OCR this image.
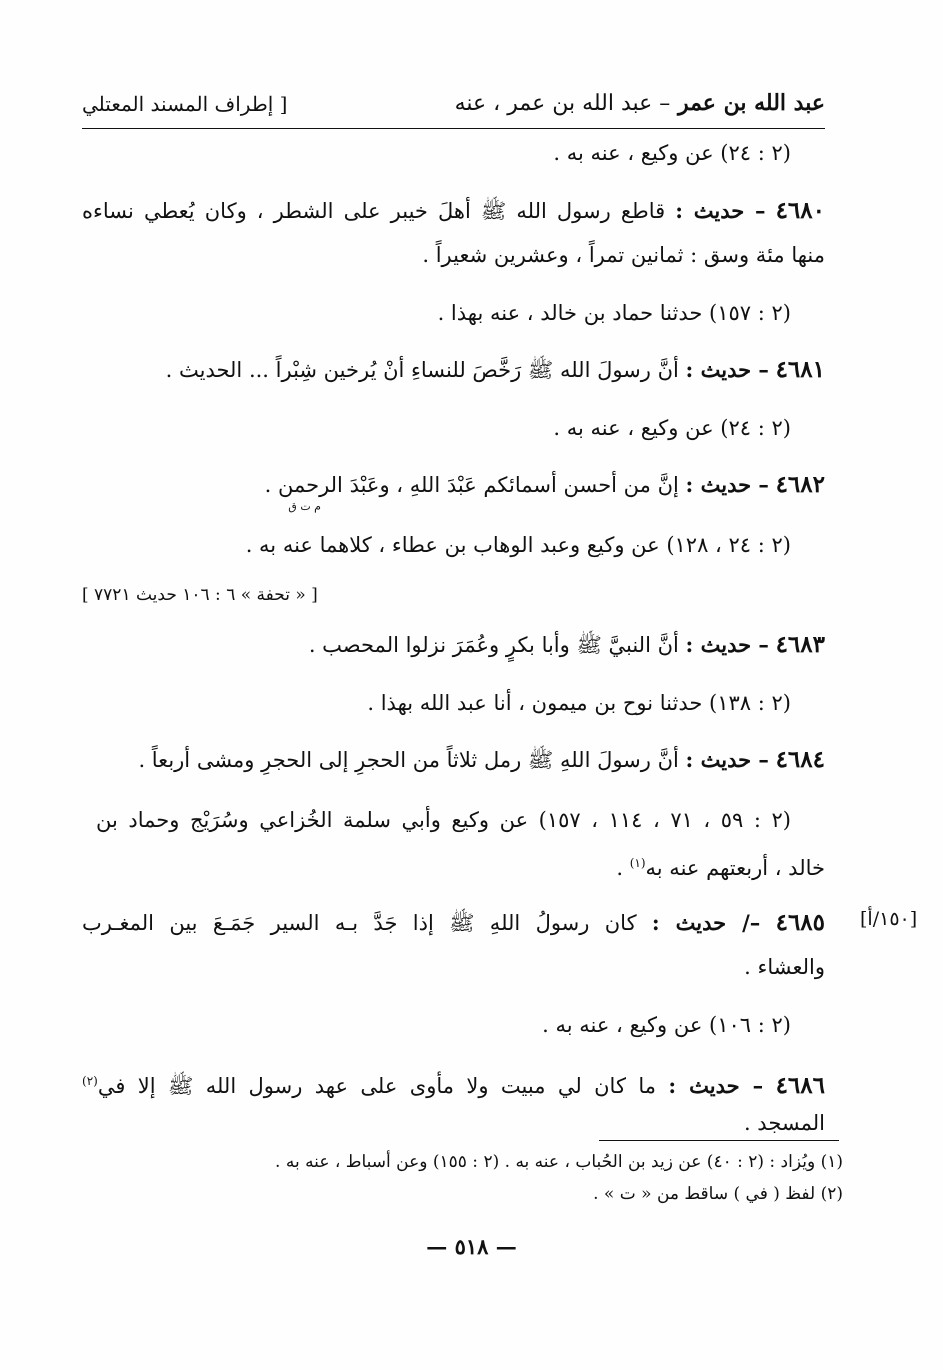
عبد الله بن عمر – عبد الله بن عمر ، عنه
[ إطراف المسند المعتلي
(٢ : ٢٤) عن وكيع ، عنه به .
٤٦٨٠ – حديث : قاطع رسول الله ﷺ أهلَ خيبر على الشطر ، وكان يُعطي نساءه
منها مئة وسق : ثمانين تمراً ، وعشرين شعيراً .
(٢ : ١٥٧) حدثنا حماد بن خالد ، عنه بهذا .
٤٦٨١ – حديث : أنَّ رسولَ الله ﷺ رَخَّصَ للنساءِ أنْ يُرخين شِبْراً ... الحديث .
(٢ : ٢٤) عن وكيع ، عنه به .
٤٦٨٢ – حديث : إنَّ من أحسن أسمائكم عَبْدَ اللهِ ، وعَبْدَ الرحمن .
م ت ق
(٢ : ٢٤ ، ١٢٨) عن وكيع وعبد الوهاب بن عطاء ، كلاهما عنه به .
[ « تحفة » ٦ : ١٠٦ حديث ٧٧٢١ ]
٤٦٨٣ – حديث : أنَّ النبيَّ ﷺ وأبا بكرٍ وعُمَرَ نزلوا المحصب .
(٢ : ١٣٨) حدثنا نوح بن ميمون ، أنا عبد الله بهذا .
٤٦٨٤ – حديث : أنَّ رسولَ اللهِ ﷺ رمل ثلاثاً من الحجرِ إلى الحجرِ ومشى أربعاً .
(٢ : ٥٩ ، ٧١ ، ١١٤ ، ١٥٧) عن وكيع وأبي سلمة الخُزاعي وسُرَيْج وحماد بن
خالد ، أربعتهم عنه به$^{(١)}$ .
[١٥٠/أ]
٤٦٨٥ –/ حديث : كان رسولُ اللهِ ﷺ إذا جَدَّ بـه السير جَمَـعَ بين المغـرب
والعشاء .
(٢ : ١٠٦) عن وكيع ، عنه به .
٤٦٨٦ – حديث : ما كان لي مبيت ولا مأوى على عهد رسول الله ﷺ إلا في$^{(٢)}$
المسجد .
(١) ويُزاد : (٢ : ٤٠) عن زيد بن الحُباب ، عنه به . (٢ : ١٥٥) وعن أسباط ، عنه به .
(٢) لفظ ( في ) ساقط من « ت » .
— ٥١٨ —
